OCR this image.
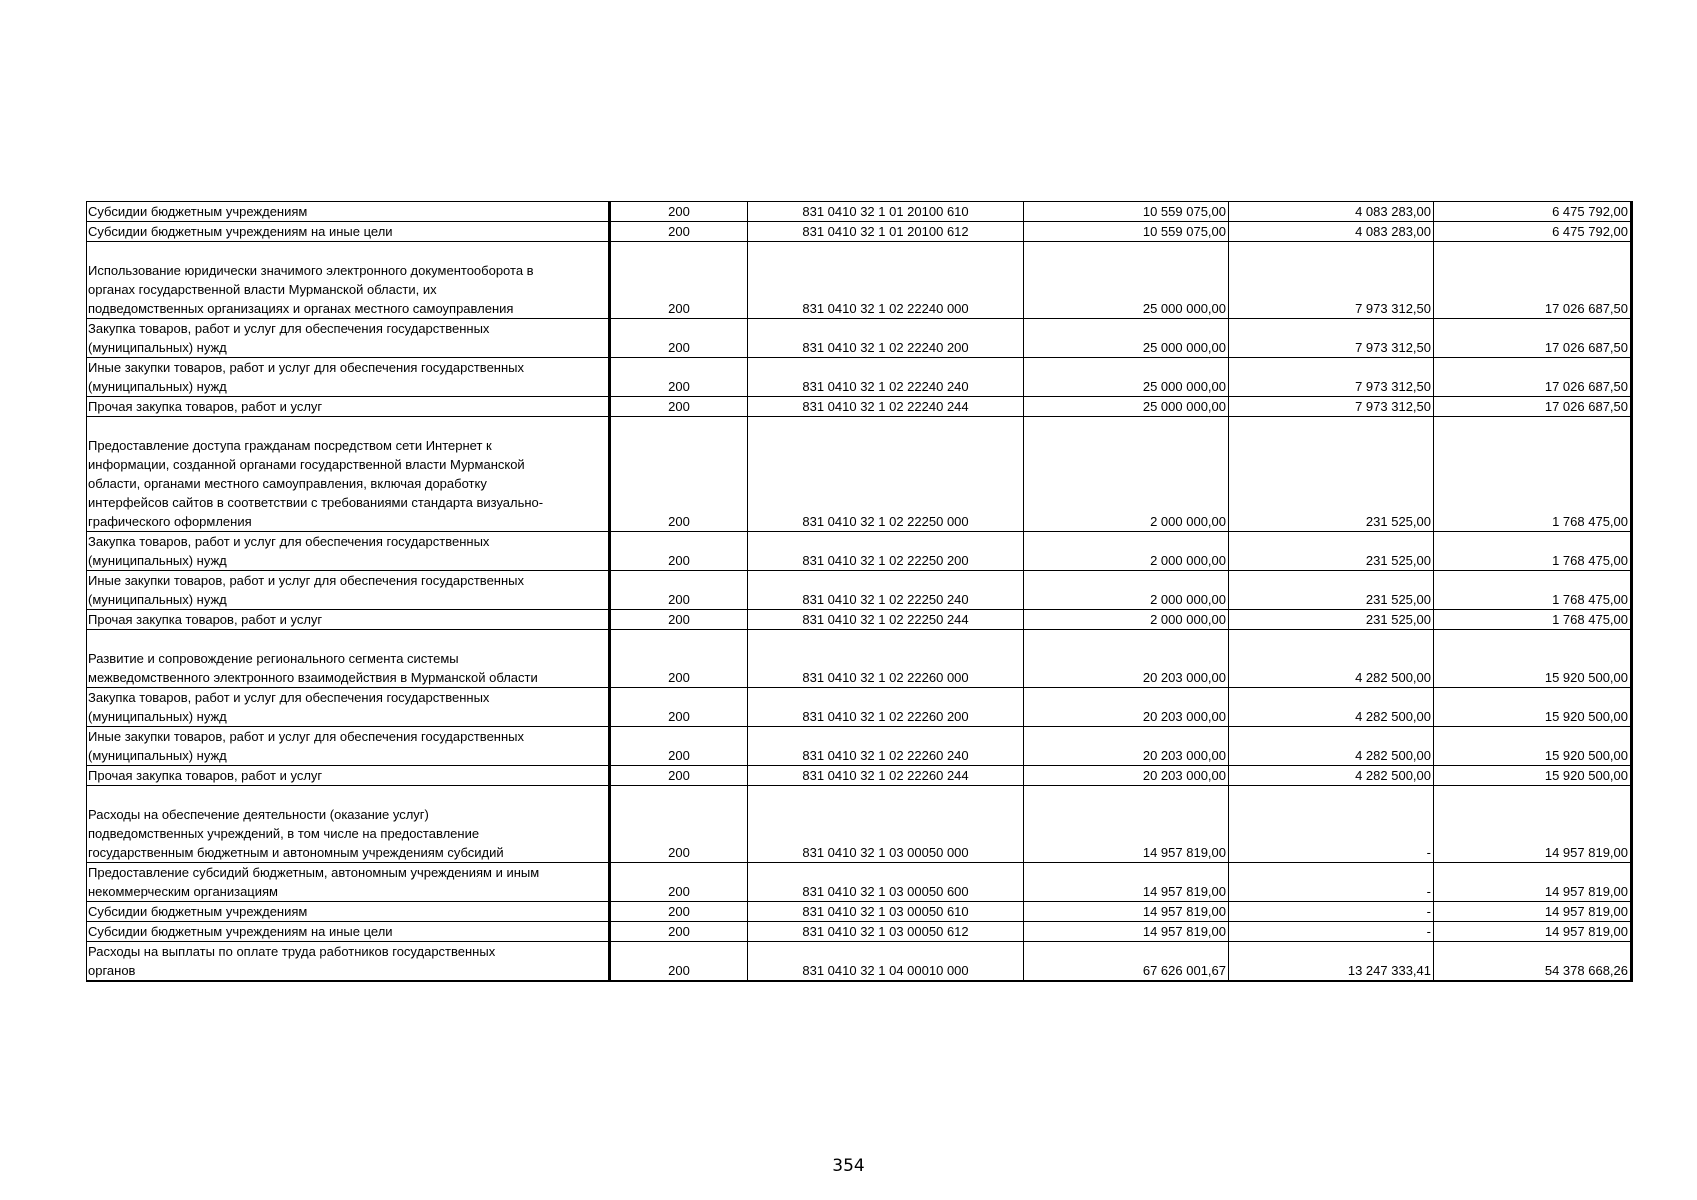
Субсидии бюджетным учреждениям	200	831 0410 32 1 01 20100 610	10 559 075,00	4 083 283,00	6 475 792,00
Субсидии бюджетным учреждениям на иные цели	200	831 0410 32 1 01 20100 612	10 559 075,00	4 083 283,00	6 475 792,00
Использование юридически значимого электронного документооборота в
органах государственной власти Мурманской области, их
подведомственных организациях и органах местного самоуправления	200	831 0410 32 1 02 22240 000	25 000 000,00	7 973 312,50	17 026 687,50
Закупка товаров, работ и услуг для обеспечения государственных
(муниципальных) нужд	200	831 0410 32 1 02 22240 200	25 000 000,00	7 973 312,50	17 026 687,50
Иные закупки товаров, работ и услуг для обеспечения государственных
(муниципальных) нужд	200	831 0410 32 1 02 22240 240	25 000 000,00	7 973 312,50	17 026 687,50
Прочая закупка товаров, работ и услуг	200	831 0410 32 1 02 22240 244	25 000 000,00	7 973 312,50	17 026 687,50
Предоставление доступа гражданам посредством сети Интернет к
информации, созданной органами государственной власти Мурманской
области, органами местного самоуправления, включая доработку
интерфейсов сайтов в соответствии с требованиями стандарта визуально-
графического оформления	200	831 0410 32 1 02 22250 000	2 000 000,00	231 525,00	1 768 475,00
Закупка товаров, работ и услуг для обеспечения государственных
(муниципальных) нужд	200	831 0410 32 1 02 22250 200	2 000 000,00	231 525,00	1 768 475,00
Иные закупки товаров, работ и услуг для обеспечения государственных
(муниципальных) нужд	200	831 0410 32 1 02 22250 240	2 000 000,00	231 525,00	1 768 475,00
Прочая закупка товаров, работ и услуг	200	831 0410 32 1 02 22250 244	2 000 000,00	231 525,00	1 768 475,00
Развитие и сопровождение регионального сегмента системы
межведомственного электронного взаимодействия в Мурманской области	200	831 0410 32 1 02 22260 000	20 203 000,00	4 282 500,00	15 920 500,00
Закупка товаров, работ и услуг для обеспечения государственных
(муниципальных) нужд	200	831 0410 32 1 02 22260 200	20 203 000,00	4 282 500,00	15 920 500,00
Иные закупки товаров, работ и услуг для обеспечения государственных
(муниципальных) нужд	200	831 0410 32 1 02 22260 240	20 203 000,00	4 282 500,00	15 920 500,00
Прочая закупка товаров, работ и услуг	200	831 0410 32 1 02 22260 244	20 203 000,00	4 282 500,00	15 920 500,00
Расходы на обеспечение деятельности (оказание услуг)
подведомственных учреждений, в том числе на предоставление
государственным бюджетным и автономным учреждениям субсидий	200	831 0410 32 1 03 00050 000	14 957 819,00	-	14 957 819,00
Предоставление субсидий бюджетным, автономным учреждениям и иным
некоммерческим организациям	200	831 0410 32 1 03 00050 600	14 957 819,00	-	14 957 819,00
Субсидии бюджетным учреждениям	200	831 0410 32 1 03 00050 610	14 957 819,00	-	14 957 819,00
Субсидии бюджетным учреждениям на иные цели	200	831 0410 32 1 03 00050 612	14 957 819,00	-	14 957 819,00
Расходы на выплаты по оплате труда работников государственных
органов	200	831 0410 32 1 04 00010 000	67 626 001,67	13 247 333,41	54 378 668,26
354
